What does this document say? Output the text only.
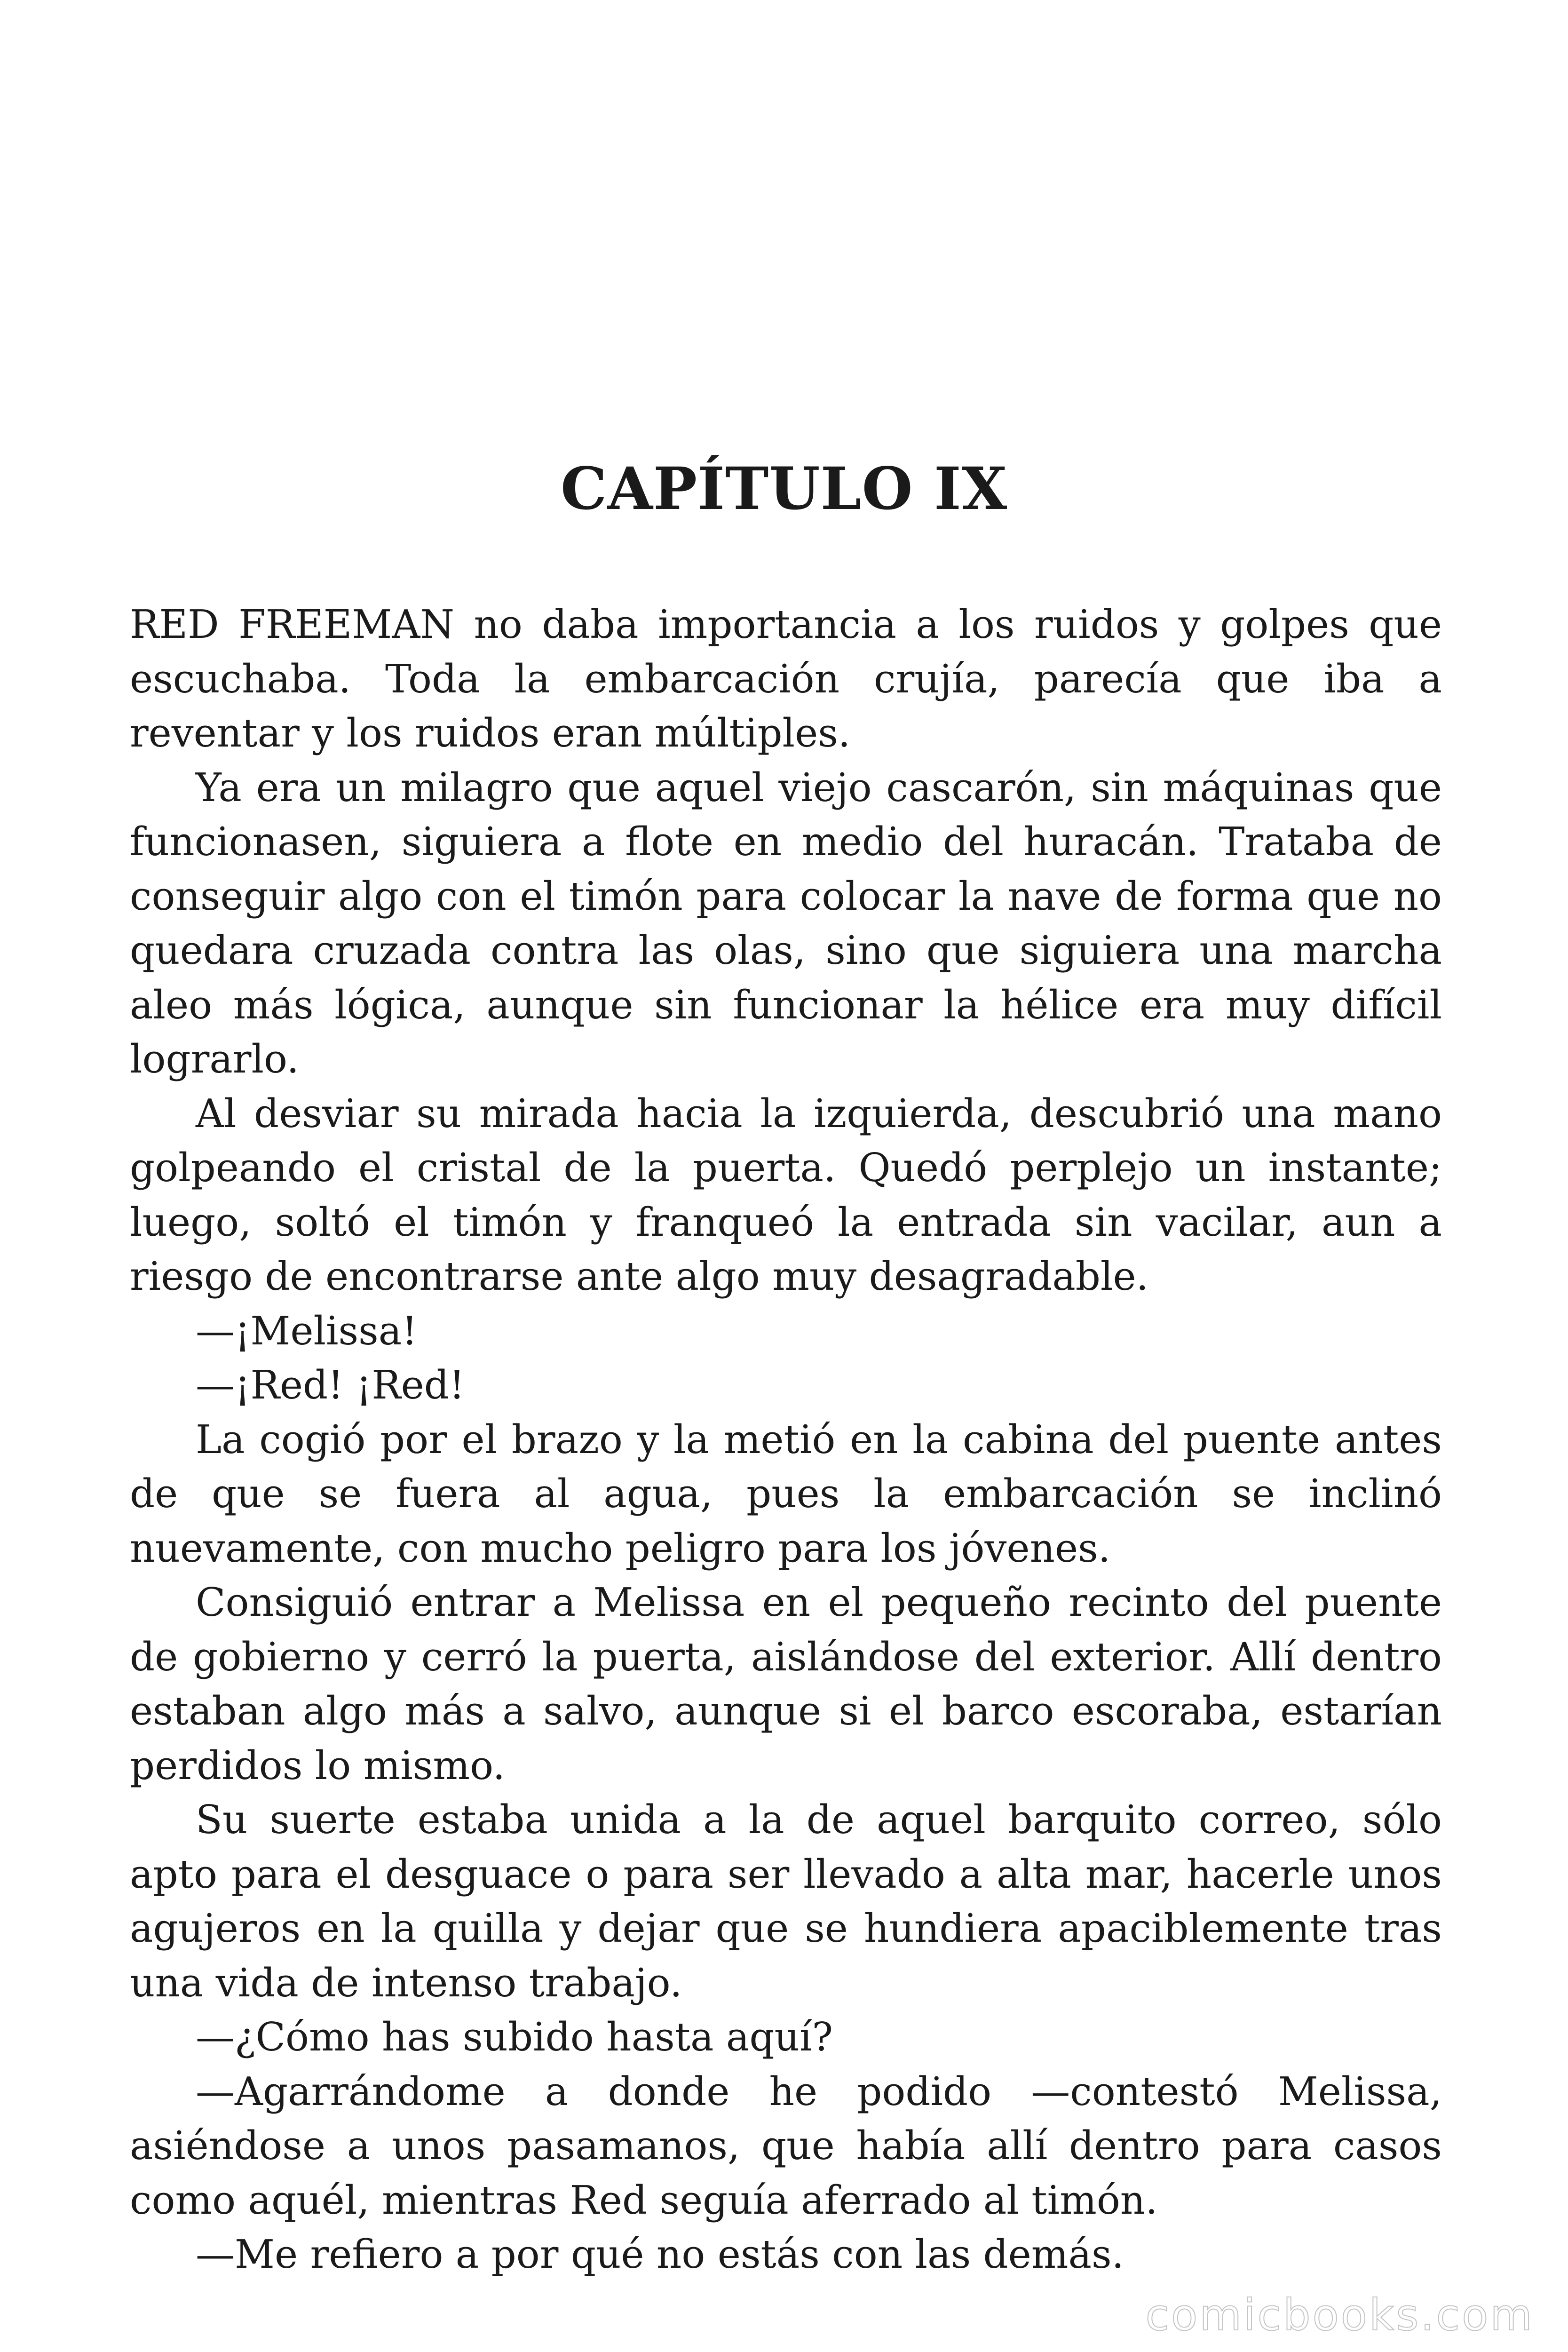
CAPÍTULO IX

RED FREEMAN no daba importancia a los ruidos y golpes que escuchaba. Toda la embarcación crujía, parecía que iba a reventar y los ruidos eran múltiples.

Ya era un milagro que aquel viejo cascarón, sin máquinas que funcionasen, siguiera a flote en medio del huracán. Trataba de conseguir algo con el timón para colocar la nave de forma que no quedara cruzada contra las olas, sino que siguiera una marcha aleo más lógica, aunque sin funcionar la hélice era muy difícil lograrlo.

Al desviar su mirada hacia la izquierda, descubrió una mano golpeando el cristal de la puerta. Quedó perplejo un instante; luego, soltó el timón y franqueó la entrada sin vacilar, aun a riesgo de encontrarse ante algo muy desagradable.

—¡Melissa!

—¡Red! ¡Red!

La cogió por el brazo y la metió en la cabina del puente antes de que se fuera al agua, pues la embarcación se inclinó nuevamente, con mucho peligro para los jóvenes.

Consiguió entrar a Melissa en el pequeño recinto del puente de gobierno y cerró la puerta, aislándose del exterior. Allí dentro estaban algo más a salvo, aunque si el barco escoraba, estarían perdidos lo mismo.

Su suerte estaba unida a la de aquel barquito correo, sólo apto para el desguace o para ser llevado a alta mar, hacerle unos agujeros en la quilla y dejar que se hundiera apaciblemente tras una vida de intenso trabajo.

—¿Cómo has subido hasta aquí?

—Agarrándome a donde he podido —contestó Melissa, asiéndose a unos pasamanos, que había allí dentro para casos como aquél, mientras Red seguía aferrado al timón.

—Me refiero a por qué no estás con las demás.

comicbooks.com
